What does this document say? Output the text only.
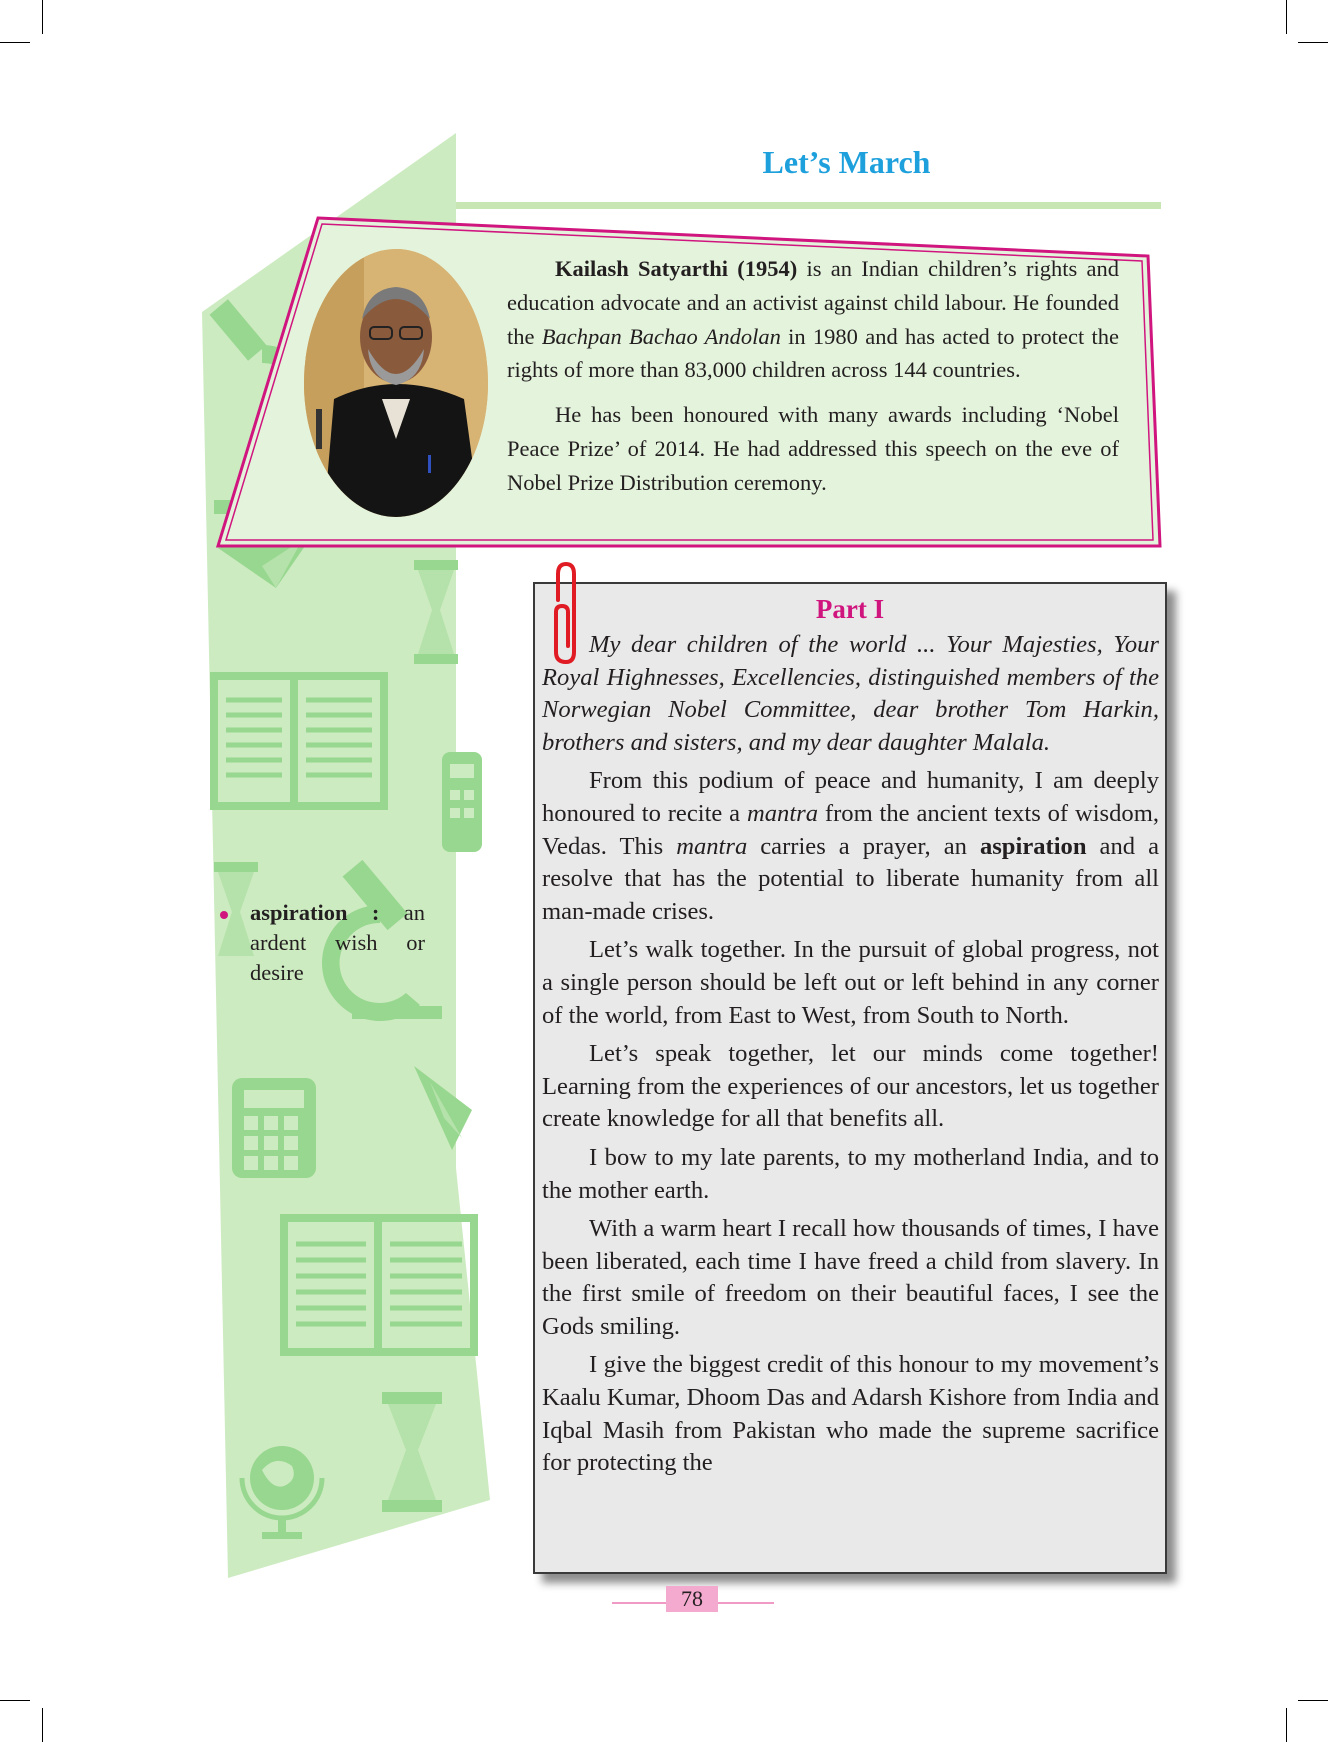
Let’s March

Kailash Satyarthi (1954) is an Indian children’s rights and education advocate and an activist against child labour. He founded the Bachpan Bachao Andolan in 1980 and has acted to protect the rights of more than 83,000 children across 144 countries.

He has been honoured with many awards including ‘Nobel Peace Prize’ of 2014. He had addressed this speech on the eve of Nobel Prize Distribution ceremony.

Part I

My dear children of the world ... Your Majesties, Your Royal Highnesses, Excellencies, distinguished members of the Norwegian Nobel Committee, dear brother Tom Harkin, brothers and sisters, and my dear daughter Malala.

From this podium of peace and humanity, I am deeply honoured to recite a mantra from the ancient texts of wisdom, Vedas. This mantra carries a prayer, an aspiration and a resolve that has the potential to liberate humanity from all man-made crises.

Let’s walk together. In the pursuit of global progress, not a single person should be left out or left behind in any corner of the world, from East to West, from South to North.

Let’s speak together, let our minds come together! Learning from the experiences of our ancestors, let us together create knowledge for all that benefits all.

I bow to my late parents, to my motherland India, and to the mother earth.

With a warm heart I recall how thousands of times, I have been liberated, each time I have freed a child from slavery. In the first smile of freedom on their beautiful faces, I see the Gods smiling.

I give the biggest credit of this honour to my movement’s Kaalu Kumar, Dhoom Das and Adarsh Kishore from India and Iqbal Masih from Pakistan who made the supreme sacrifice for protecting the

aspiration : an ardent wish or desire
78
